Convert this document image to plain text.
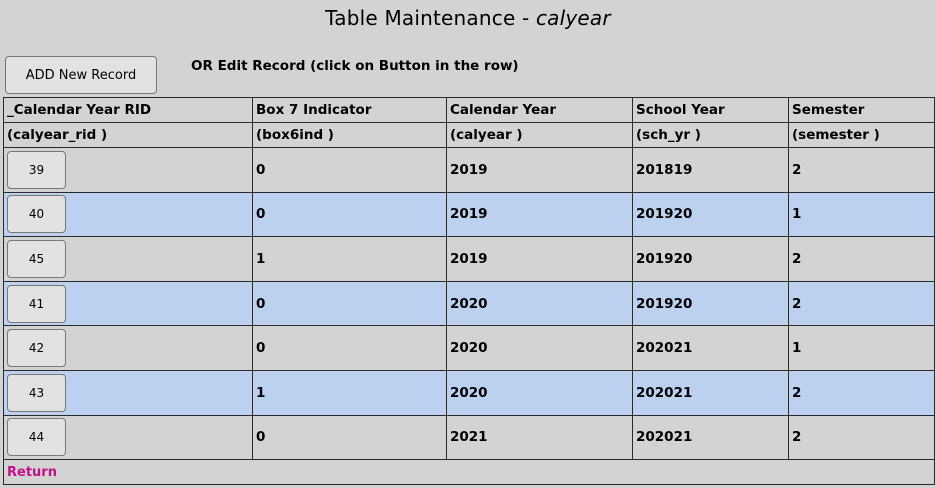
Table Maintenance - calyear
ADD New Record
OR Edit Record (click on Button in the row)
_Calendar Year RID	Box 7 Indicator	Calendar Year	School Year	Semester
(calyear_rid )	(box6ind )	(calyear )	(sch_yr )	(semester )

39	0	2019	201819	2

40	0	2019	201920	1

45	1	2019	201920	2

41	0	2020	201920	2

42	0	2020	202021	1

43	1	2020	202021	2

44	0	2021	202021	2
Return				
